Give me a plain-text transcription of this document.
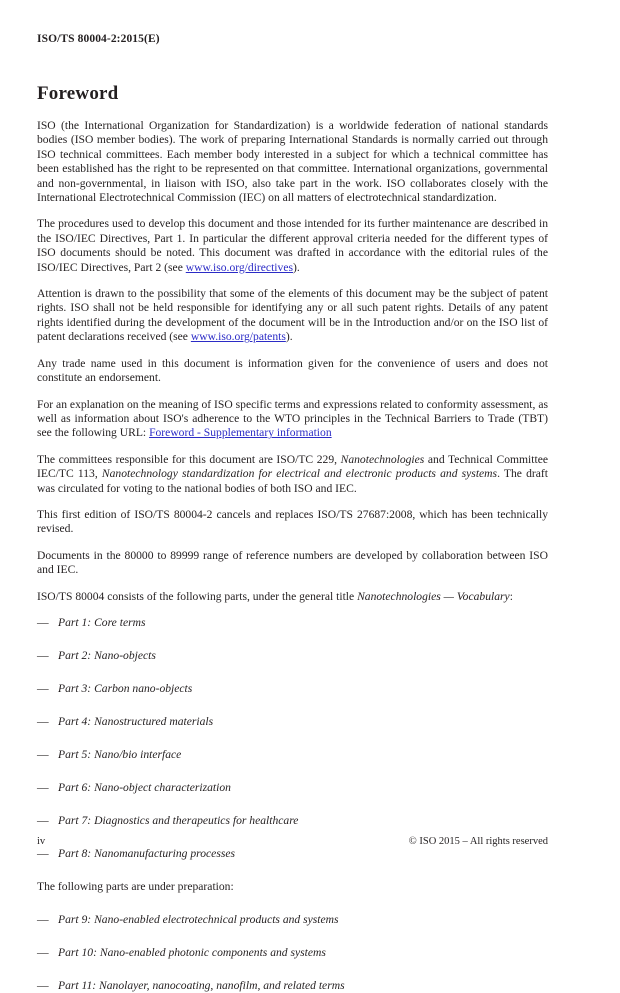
ISO/TS 80004-2:2015(E)
Foreword

ISO (the International Organization for Standardization) is a worldwide federation of national standards bodies (ISO member bodies). The work of preparing International Standards is normally carried out through ISO technical committees. Each member body interested in a subject for which a technical committee has been established has the right to be represented on that committee. International organizations, governmental and non-governmental, in liaison with ISO, also take part in the work. ISO collaborates closely with the International Electrotechnical Commission (IEC) on all matters of electrotechnical standardization.

The procedures used to develop this document and those intended for its further maintenance are described in the ISO/IEC Directives, Part 1. In particular the different approval criteria needed for the different types of ISO documents should be noted. This document was drafted in accordance with the editorial rules of the ISO/IEC Directives, Part 2 (see www.iso.org/directives).

Attention is drawn to the possibility that some of the elements of this document may be the subject of patent rights. ISO shall not be held responsible for identifying any or all such patent rights. Details of any patent rights identified during the development of the document will be in the Introduction and/or on the ISO list of patent declarations received (see www.iso.org/patents).

Any trade name used in this document is information given for the convenience of users and does not constitute an endorsement.

For an explanation on the meaning of ISO specific terms and expressions related to conformity assessment, as well as information about ISO's adherence to the WTO principles in the Technical Barriers to Trade (TBT) see the following URL: Foreword - Supplementary information

The committees responsible for this document are ISO/TC 229, Nanotechnologies and Technical Committee IEC/TC 113, Nanotechnology standardization for electrical and electronic products and systems. The draft was circulated for voting to the national bodies of both ISO and IEC.

This first edition of ISO/TS 80004-2 cancels and replaces ISO/TS 27687:2008, which has been technically revised.

Documents in the 80000 to 89999 range of reference numbers are developed by collaboration between ISO and IEC.

ISO/TS 80004 consists of the following parts, under the general title Nanotechnologies — Vocabulary:

— Part 1: Core terms
— Part 2: Nano-objects
— Part 3: Carbon nano-objects
— Part 4: Nanostructured materials
— Part 5: Nano/bio interface
— Part 6: Nano-object characterization
— Part 7: Diagnostics and therapeutics for healthcare
— Part 8: Nanomanufacturing processes

The following parts are under preparation:

— Part 9: Nano-enabled electrotechnical products and systems
— Part 10: Nano-enabled photonic components and systems
— Part 11: Nanolayer, nanocoating, nanofilm, and related terms
iv	© ISO 2015 – All rights reserved
